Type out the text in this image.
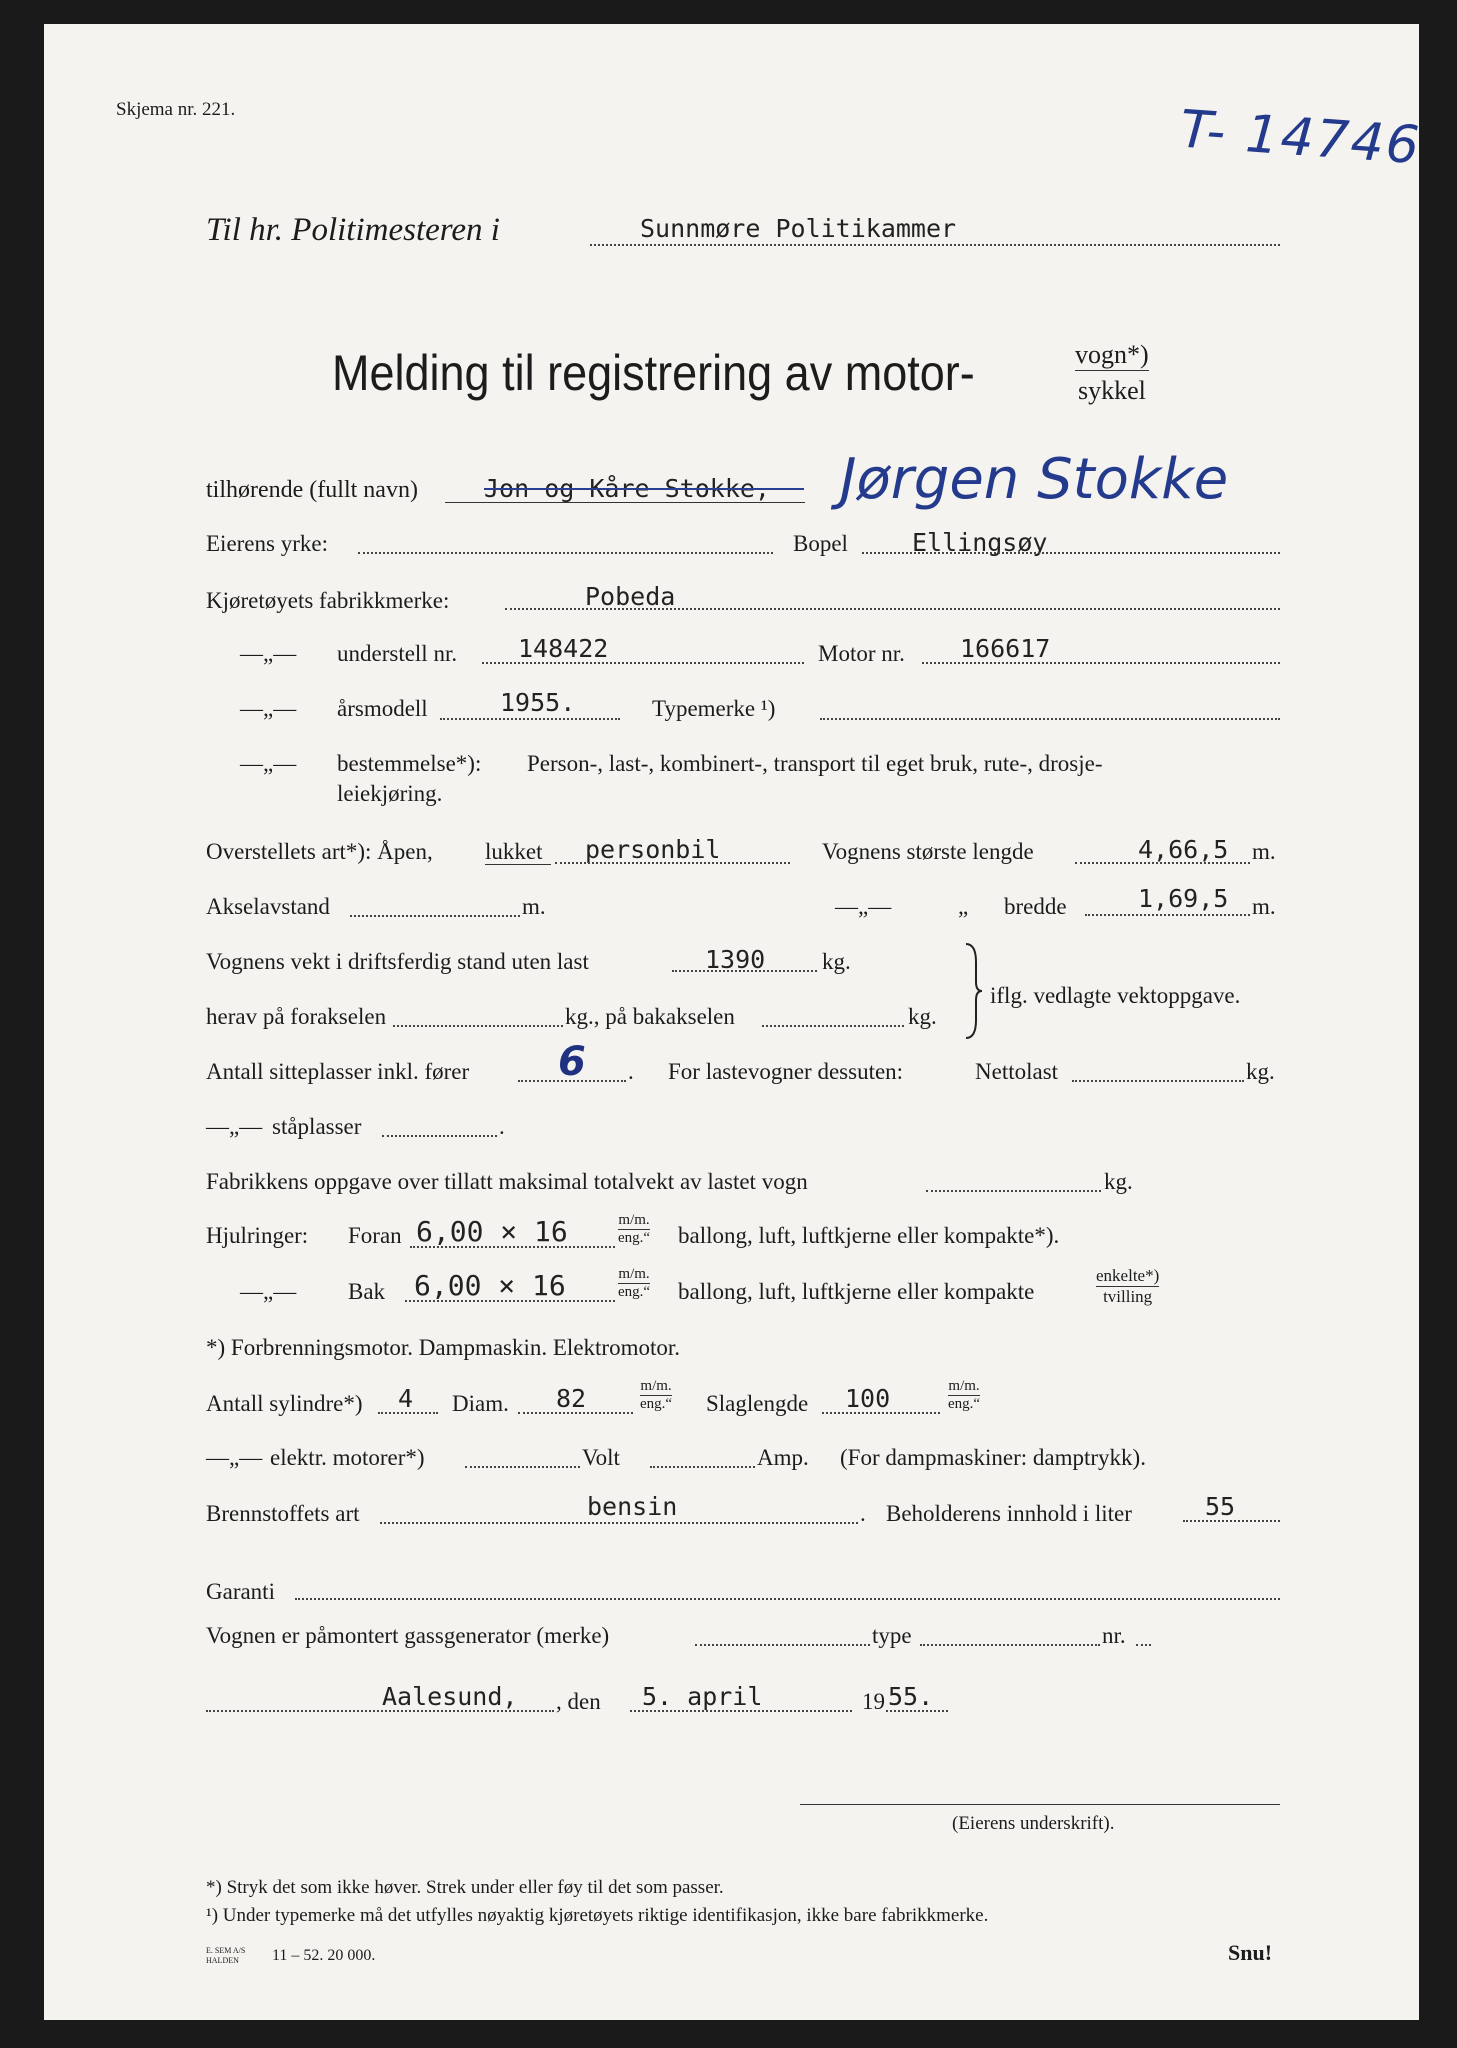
Skjema nr. 221.	T- 14746
Til hr. Politimesteren i	Sunnmøre Politikammer
Melding til registrering av motor-	vogn*)
sykkel
tilhørende (fullt navn)	Jon og Kåre Stokke, Jørgen Stokke
Eierens yrke:	Bopel	Ellingsøy
Kjøretøyets fabrikkmerke:	Pobeda
—„— understell nr. 148422	Motor nr. 166617
—„— årsmodell	1955.	Typemerke ¹)
—„— bestemmelse*): Person-, last-, kombinert-, transport til eget bruk, rute-, drosje-
leiekjøring.
Overstellets art*): Åpen, lukket personbil	Vognens største lengde	4,66,5 m.
Akselavstand	m.	—„—	„ bredde	1,69,5 m.
Vognens vekt i driftsferdig stand uten last	1390 kg.
herav på forakselen	kg., på bakakselen	kg.
iflg. vedlagte vektoppgave.
Antall sitteplasser inkl. fører 6 . For lastevogner dessuten:	Nettolast	kg.
—„— ståplasser	.
Fabrikkens oppgave over tillatt maksimal totalvekt av lastet vogn	kg.
Hjulringer: Foran 6,00 × 16	m/m.
eng.“ ballong, luft, luftkjerne eller kompakte*).
—„— Bak 6,00 × 16	m/m.
eng.“ ballong, luft, luftkjerne eller kompakte
enkelte*)
tvilling
*) Forbrenningsmotor. Dampmaskin. Elektromotor.
Antall sylindre*) 4 Diam. 82	m/m.
eng.“ Slaglengde 100	m/m.
eng.“
—„— elektr. motorer*)	Volt	Amp. (For dampmaskiner: damptrykk).
Brennstoffets art	bensin	. Beholderens innhold i liter	55
Garanti
Vognen er påmontert gassgenerator (merke)	type	nr.
Aalesund, , den 5. april	19 55.
(Eierens underskrift).
*) Stryk det som ikke høver. Strek under eller føy til det som passer.
¹) Under typemerke må det utfylles nøyaktig kjøretøyets riktige identifikasjon, ikke bare fabrikkmerke.
E. SEM A/S
HALDEN 11 – 52. 20 000.	Snu!
